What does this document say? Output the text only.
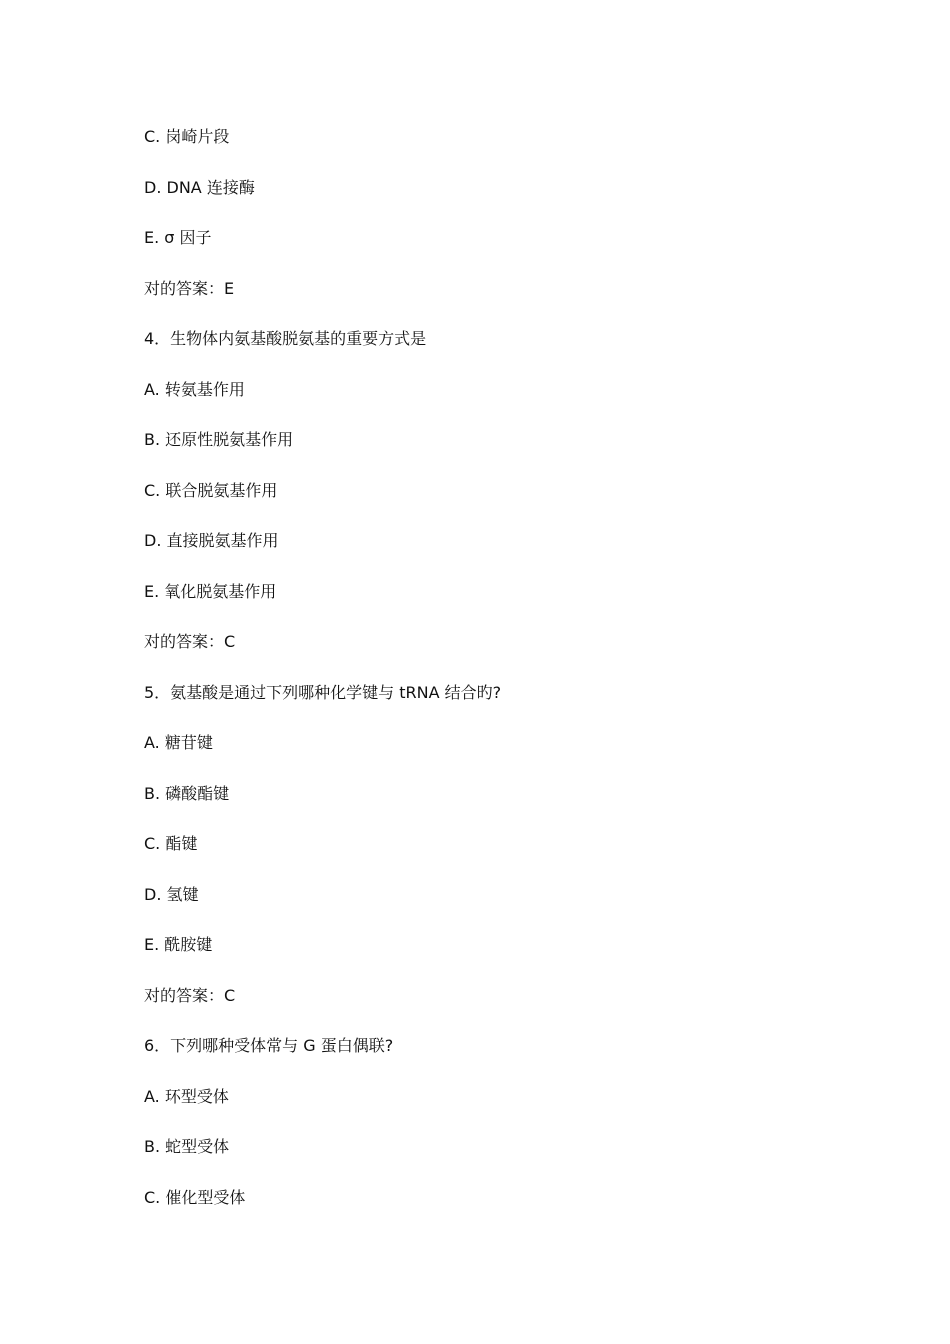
C. 岗崎片段
D. DNA 连接酶
E. σ 因子
对的答案：E
4．生物体内氨基酸脱氨基的重要方式是
A. 转氨基作用
B. 还原性脱氨基作用
C. 联合脱氨基作用
D. 直接脱氨基作用
E. 氧化脱氨基作用
对的答案：C
5．氨基酸是通过下列哪种化学键与 tRNA 结合旳?
A. 糖苷键
B. 磷酸酯键
C. 酯键
D. 氢键
E. 酰胺键
对的答案：C
6．下列哪种受体常与 G 蛋白偶联?
A. 环型受体
B. 蛇型受体
C. 催化型受体
